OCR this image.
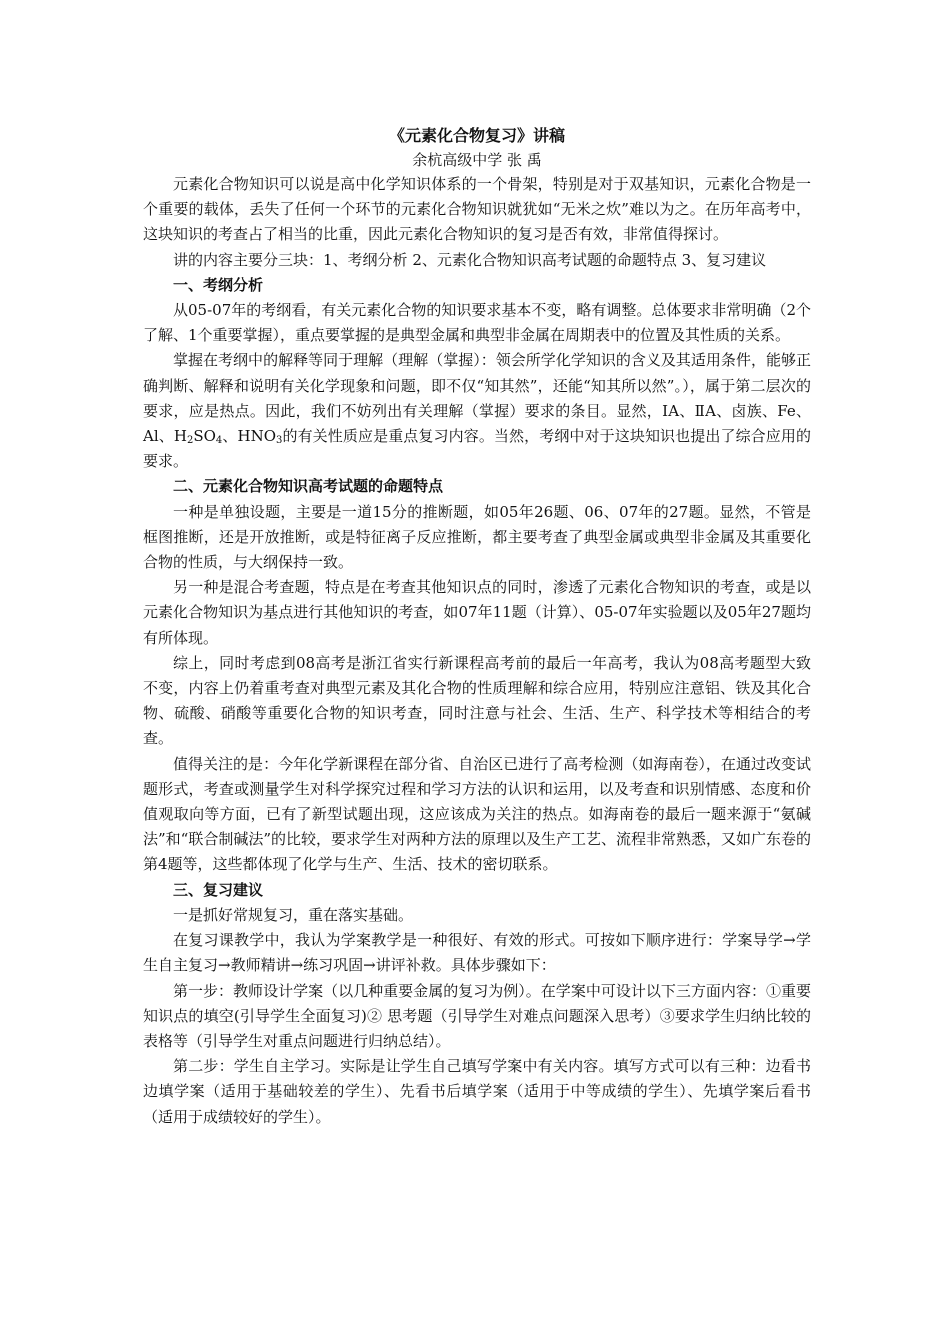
《元素化合物复习》讲稿

余杭高级中学 张 禹

元素化合物知识可以说是高中化学知识体系的一个骨架，特别是对于双基知识，元素化合物是一个重要的载体，丢失了任何一个环节的元素化合物知识就犹如“无米之炊”难以为之。在历年高考中，这块知识的考查占了相当的比重，因此元素化合物知识的复习是否有效，非常值得探讨。

讲的内容主要分三块：1、考纲分析 2、元素化合物知识高考试题的命题特点 3、复习建议

一、考纲分析

从05-07年的考纲看，有关元素化合物的知识要求基本不变，略有调整。总体要求非常明确（2个了解、1个重要掌握），重点要掌握的是典型金属和典型非金属在周期表中的位置及其性质的关系。

掌握在考纲中的解释等同于理解（理解（掌握）：领会所学化学知识的含义及其适用条件，能够正确判断、解释和说明有关化学现象和问题，即不仅“知其然”，还能“知其所以然”。），属于第二层次的要求，应是热点。因此，我们不妨列出有关理解（掌握）要求的条目。显然，ⅠA、ⅡA、卤族、Fe、Al、$H_2SO_4$、$HNO_3$的有关性质应是重点复习内容。当然，考纲中对于这块知识也提出了综合应用的要求。

二、元素化合物知识高考试题的命题特点

一种是单独设题，主要是一道15分的推断题，如05年26题、06、07年的27题。显然，不管是框图推断，还是开放推断，或是特征离子反应推断，都主要考查了典型金属或典型非金属及其重要化合物的性质，与大纲保持一致。

另一种是混合考查题，特点是在考查其他知识点的同时，渗透了元素化合物知识的考查，或是以元素化合物知识为基点进行其他知识的考查，如07年11题（计算）、05-07年实验题以及05年27题均有所体现。

综上，同时考虑到08高考是浙江省实行新课程高考前的最后一年高考，我认为08高考题型大致不变，内容上仍着重考查对典型元素及其化合物的性质理解和综合应用，特别应注意铝、铁及其化合物、硫酸、硝酸等重要化合物的知识考查，同时注意与社会、生活、生产、科学技术等相结合的考查。

值得关注的是：今年化学新课程在部分省、自治区已进行了高考检测（如海南卷），在通过改变试题形式，考查或测量学生对科学探究过程和学习方法的认识和运用，以及考查和识别情感、态度和价值观取向等方面，已有了新型试题出现，这应该成为关注的热点。如海南卷的最后一题来源于“氨碱法”和“联合制碱法”的比较，要求学生对两种方法的原理以及生产工艺、流程非常熟悉，又如广东卷的第4题等，这些都体现了化学与生产、生活、技术的密切联系。

三、复习建议

一是抓好常规复习，重在落实基础。

在复习课教学中，我认为学案教学是一种很好、有效的形式。可按如下顺序进行：学案导学→学生自主复习→教师精讲→练习巩固→讲评补救。具体步骤如下：

第一步：教师设计学案（以几种重要金属的复习为例）。在学案中可设计以下三方面内容：①重要知识点的填空(引导学生全面复习)② 思考题（引导学生对难点问题深入思考）③要求学生归纳比较的表格等（引导学生对重点问题进行归纳总结）。

第二步：学生自主学习。实际是让学生自己填写学案中有关内容。填写方式可以有三种：边看书边填学案（适用于基础较差的学生）、先看书后填学案（适用于中等成绩的学生）、先填学案后看书（适用于成绩较好的学生）。
